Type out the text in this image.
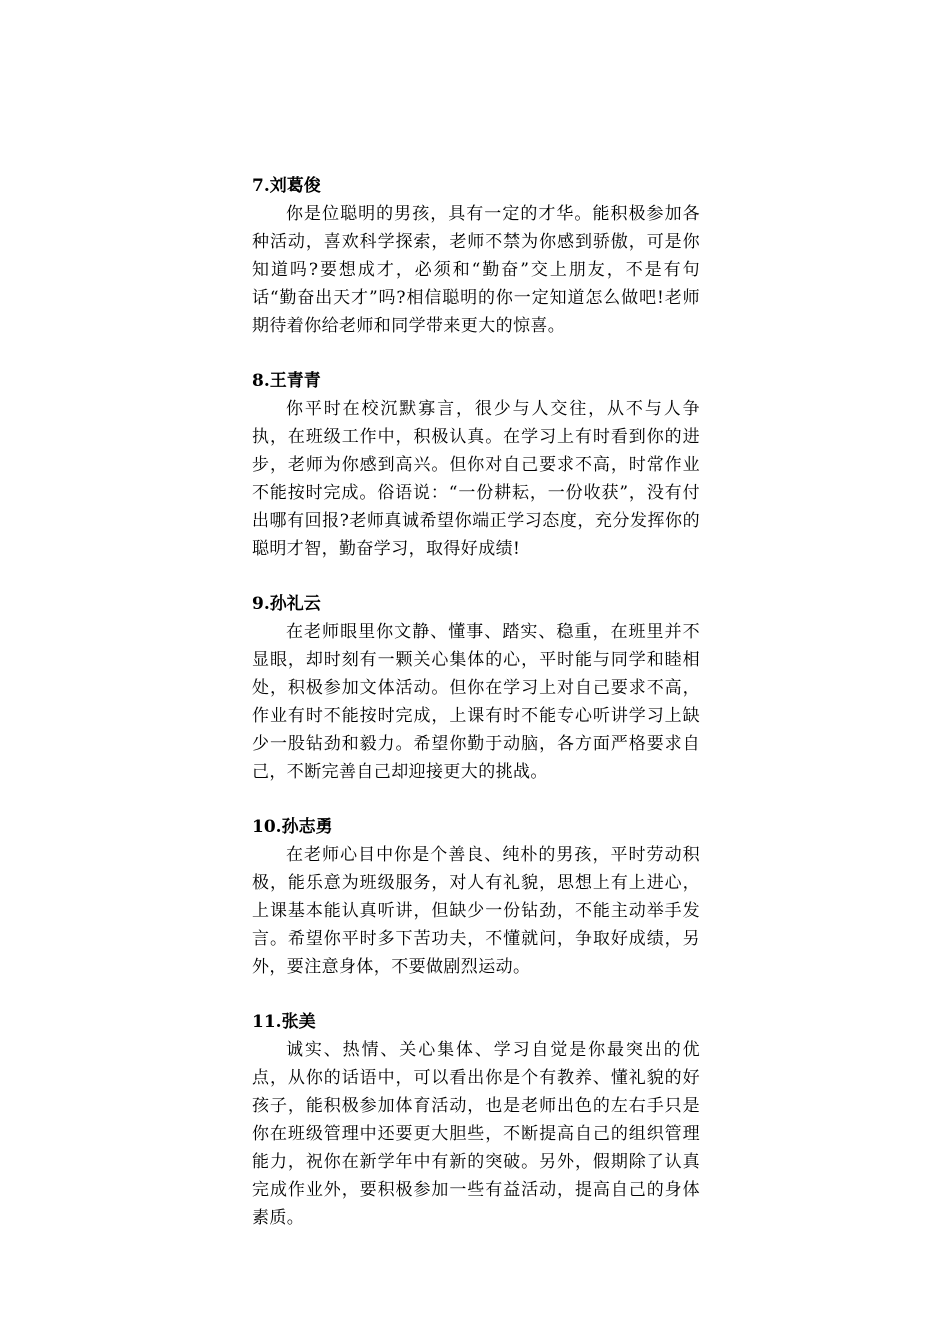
7.刘葛俊
你是位聪明的男孩，具有一定的才华。能积极参加各种活动，喜欢科学探索，老师不禁为你感到骄傲，可是你知道吗?要想成才，必须和“勤奋”交上朋友，不是有句话“勤奋出天才”吗?相信聪明的你一定知道怎么做吧!老师期待着你给老师和同学带来更大的惊喜。
8.王青青
你平时在校沉默寡言，很少与人交往，从不与人争执，在班级工作中，积极认真。在学习上有时看到你的进步，老师为你感到高兴。但你对自己要求不高，时常作业不能按时完成。俗语说：“一份耕耘，一份收获”，没有付出哪有回报?老师真诚希望你端正学习态度，充分发挥你的聪明才智，勤奋学习，取得好成绩!
9.孙礼云
在老师眼里你文静、懂事、踏实、稳重，在班里并不显眼，却时刻有一颗关心集体的心，平时能与同学和睦相处，积极参加文体活动。但你在学习上对自己要求不高，作业有时不能按时完成，上课有时不能专心听讲学习上缺少一股钻劲和毅力。希望你勤于动脑，各方面严格要求自己，不断完善自己却迎接更大的挑战。
10.孙志勇
在老师心目中你是个善良、纯朴的男孩，平时劳动积极，能乐意为班级服务，对人有礼貌，思想上有上进心，上课基本能认真听讲，但缺少一份钻劲，不能主动举手发言。希望你平时多下苦功夫，不懂就问，争取好成绩，另外，要注意身体，不要做剧烈运动。
11.张美
诚实、热情、关心集体、学习自觉是你最突出的优点，从你的话语中，可以看出你是个有教养、懂礼貌的好孩子，能积极参加体育活动，也是老师出色的左右手只是你在班级管理中还要更大胆些，不断提高自己的组织管理能力，祝你在新学年中有新的突破。另外，假期除了认真完成作业外，要积极参加一些有益活动，提高自己的身体素质。
